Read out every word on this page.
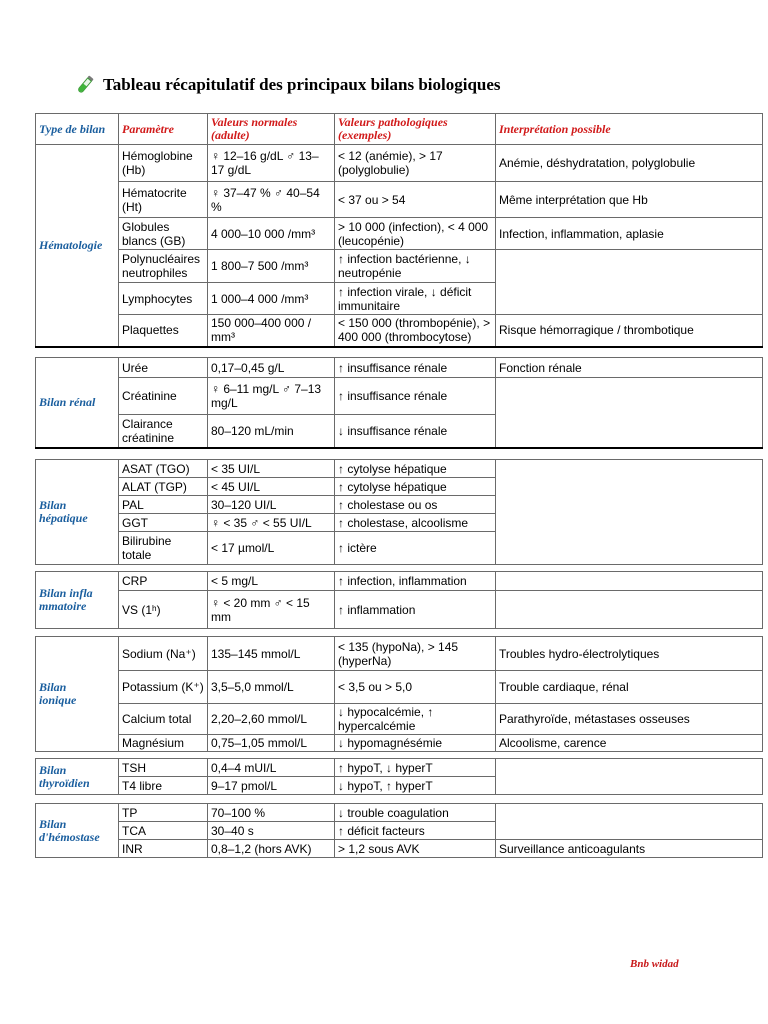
Tableau récapitulatif des principaux bilans biologiques
Type de bilan	Paramètre	Valeurs normales (adulte)	Valeurs pathologiques (exemples)	Interprétation possible
Hématologie	Hémoglobine (Hb)	♀ 12–16 g/dL ♂ 13–17 g/dL	< 12 (anémie), > 17 (polyglobulie)	Anémie, déshydratation, polyglobulie
	Hématocrite (Ht)	♀ 37–47 % ♂ 40–54 %	< 37 ou > 54	Même interprétation que Hb
	Globules blancs (GB)	4 000–10 000 /mm³	> 10 000 (infection), < 4 000 (leucopénie)	Infection, inflammation, aplasie
	Polynucléaires neutrophiles	1 800–7 500 /mm³	↑ infection bactérienne, ↓ neutropénie	
	Lymphocytes	1 000–4 000 /mm³	↑ infection virale, ↓ déficit immunitaire	
	Plaquettes	150 000–400 000 / mm³	< 150 000 (thrombopénie), > 400 000 (thrombocytose)	Risque hémorragique / thrombotique
Bilan rénal	Urée	0,17–0,45 g/L	↑ insuffisance rénale	Fonction rénale
	Créatinine	♀ 6–11 mg/L ♂ 7–13 mg/L	↑ insuffisance rénale	
	Clairance créatinine	80–120 mL/min	↓ insuffisance rénale	
Bilan hépatique	ASAT (TGO)	< 35 UI/L	↑ cytolyse hépatique	
	ALAT (TGP)	< 45 UI/L	↑ cytolyse hépatique	
	PAL	30–120 UI/L	↑ cholestase ou os	
	GGT	♀ < 35 ♂ < 55 UI/L	↑ cholestase, alcoolisme	
	Bilirubine totale	< 17 µmol/L	↑ ictère	
Bilan inflammatoire	CRP	< 5 mg/L	↑ infection, inflammation	
	VS (1ʰ)	♀ < 20 mm ♂ < 15 mm	↑ inflammation	
Bilan ionique	Sodium (Na⁺)	135–145 mmol/L	< 135 (hypoNa), > 145 (hyperNa)	Troubles hydro-électrolytiques
	Potassium (K⁺)	3,5–5,0 mmol/L	< 3,5 ou > 5,0	Trouble cardiaque, rénal
	Calcium total	2,20–2,60 mmol/L	↓ hypocalcémie, ↑ hypercalcémie	Parathyroïde, métastases osseuses
	Magnésium	0,75–1,05 mmol/L	↓ hypomagnésémie	Alcoolisme, carence
Bilan thyroïdien	TSH	0,4–4 mUI/L	↑ hypoT, ↓ hyperT	
	T4 libre	9–17 pmol/L	↓ hypoT, ↑ hyperT	
Bilan d'hémostase	TP	70–100 %	↓ trouble coagulation	
	TCA	30–40 s	↑ déficit facteurs	
	INR	0,8–1,2 (hors AVK)	> 1,2 sous AVK	Surveillance anticoagulants
Bnb widad
